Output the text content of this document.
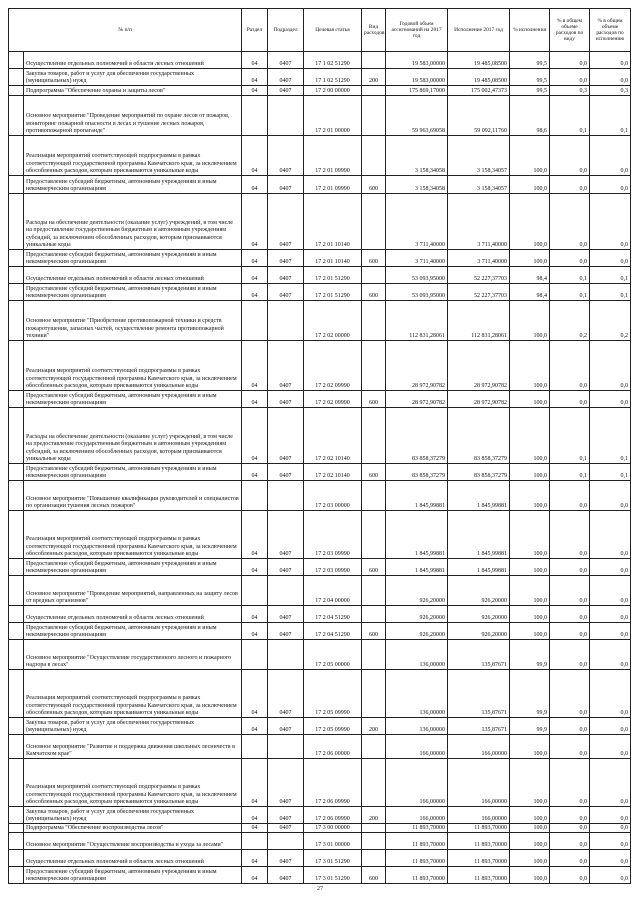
№ п/п		Раздел	Подраздел	Целевая статья	Вид расходов	Годовой объем ассигнований на 2017 год	Исполнение 2017 год	% исполнения	% в общем объеме расходов по виду	% в общем объеме расходов по исполнению
	Осуществление отдельных полномочий в области лесных отношений	04	0407	17 1 02 51290		19 583,00000	19 485,08500	99,5	0,0	0,0
	Закупка товаров, работ и услуг для обеспечения государственных (муниципальных) нужд	04	0407	17 1 02 51290	200	19 583,00000	19 485,08500	99,5	0,0	0,0
	Подпрограмма "Обеспечение охраны и защиты лесов"	04	0407	17 2 00 00000		175 869,17000	175 002,47373	99,5	0,3	0,3
	Основное мероприятие "Проведение мероприятий по охране лесов от пожаров, мониторинг пожарной опасности в лесах и тушение лесных пожаров, противопожарной пропаганде"			17 2 01 00000		59 963,69058	59 092,11760	98,6	0,1	0,1
	Реализация мероприятий соответствующей подпрограммы в рамках соответствующей государственной программы Камчатского края, за исключением обособленных расходов, которым присваиваются уникальные коды	04	0407	17 2 01 09990		3 158,34058	3 158,34057	100,0	0,0	0,0
	Предоставление субсидий бюджетным, автономным учреждениям и иным некоммерческим организациям	04	0407	17 2 01 09990	600	3 158,34058	3 158,34057	100,0	0,0	0,0
	Расходы на обеспечение деятельности (оказание услуг) учреждений, в том числе на предоставление государственным бюджетным и автономным учреждениям субсидий, за исключением обособленных расходов, которым присваиваются уникальные коды	04	0407	17 2 01 10140		3 711,40000	3 711,40000	100,0	0,0	0,0
	Предоставление субсидий бюджетным, автономным учреждениям и иным некоммерческим организациям	04	0407	17 2 01 10140	600	3 711,40000	3 711,40000	100,0	0,0	0,0
	Осуществление отдельных полномочий в области лесных отношений	04	0407	17 2 01 51290		53 093,95000	52 227,37703	98,4	0,1	0,1
	Предоставление субсидий бюджетным, автономным учреждениям и иным некоммерческим организациям	04	0407	17 2 01 51290	600	53 093,95000	52 227,37703	98,4	0,1	0,1
	Основное мероприятие "Приобретение противопожарной техники и средств пожаротушения, запасных частей, осуществление ремонта противопожарной техники"			17 2 02 00000		112 831,28061	112 831,28061	100,0	0,2	0,2
	Реализация мероприятий соответствующей подпрограммы в рамках соответствующей государственной программы Камчатского края, за исключением обособленных расходов, которым присваиваются уникальные коды	04	0407	17 2 02 09990		28 972,90782	28 972,90782	100,0	0,0	0,0
	Предоставление субсидий бюджетным, автономным учреждениям и иным некоммерческим организациям	04	0407	17 2 02 09990	600	28 972,90782	28 972,90782	100,0	0,0	0,0
	Расходы на обеспечение деятельности (оказание услуг) учреждений, в том числе на предоставление государственным бюджетным и автономным учреждениям субсидий, за исключением обособленных расходов, которым присваиваются уникальные коды	04	0407	17 2 02 10140		83 858,37279	83 858,37279	100,0	0,1	0,1
	Предоставление субсидий бюджетным, автономным учреждениям и иным некоммерческим организациям	04	0407	17 2 02 10140	600	83 858,37279	83 858,37279	100,0	0,1	0,1
	Основное мероприятие "Повышение квалификации руководителей и специалистов по организации тушения лесных пожаров"			17 2 03 00000		1 845,99881	1 845,99881	100,0	0,0	0,0
	Реализация мероприятий соответствующей подпрограммы в рамках соответствующей государственной программы Камчатского края, за исключением обособленных расходов, которым присваиваются уникальные коды	04	0407	17 2 03 09990		1 845,99881	1 845,99881	100,0	0,0	0,0
	Предоставление субсидий бюджетным, автономным учреждениям и иным некоммерческим организациям	04	0407	17 2 03 09990	600	1 845,99881	1 845,99881	100,0	0,0	0,0
	Основное мероприятие "Проведение мероприятий, направленных на защиту лесов от вредных организмов"			17 2 04 00000		926,20000	926,20000	100,0	0,0	0,0
	Осуществление отдельных полномочий в области лесных отношений	04	0407	17 2 04 51290		926,20000	926,20000	100,0	0,0	0,0
	Предоставление субсидий бюджетным, автономным учреждениям и иным некоммерческим организациям	04	0407	17 2 04 51290	600	926,20000	926,20000	100,0	0,0	0,0
	Основное мероприятие "Осуществление государственного лесного и пожарного надзора в лесах"			17 2 05 00000		136,00000	135,87671	99,9	0,0	0,0
	Реализация мероприятий соответствующей подпрограммы в рамках соответствующей государственной программы Камчатского края, за исключением обособленных расходов, которым присваиваются уникальные коды	04	0407	17 2 05 09990		136,00000	135,87671	99,9	0,0	0,0
	Закупка товаров, работ и услуг для обеспечения государственных (муниципальных) нужд	04	0407	17 2 05 09990	200	136,00000	135,87671	99,9	0,0	0,0
	Основное мероприятие "Развитие и поддержка движения школьных лесничеств в Камчатском крае"			17 2 06 00000		166,00000	166,00000	100,0	0,0	0,0
	Реализация мероприятий соответствующей подпрограммы в рамках соответствующей государственной программы Камчатского края, за исключением обособленных расходов, которым присваиваются уникальные коды	04	0407	17 2 06 09990		166,00000	166,00000	100,0	0,0	0,0
	Закупка товаров, работ и услуг для обеспечения государственных (муниципальных) нужд	04	0407	17 2 06 09990	200	166,00000	166,00000	100,0	0,0	0,0
	Подпрограмма "Обеспечение воспроизводства лесов"	04	0407	17 3 00 00000		11 893,70000	11 893,70000	100,0	0,0	0,0
	Основное мероприятие "Осуществление воспроизводства и ухода за лесами"			17 3 01 00000		11 893,70000	11 893,70000	100,0	0,0	0,0
	Осуществление отдельных полномочий в области лесных отношений	04	0407	17 3 01 51290		11 893,70000	11 893,70000	100,0	0,0	0,0
	Предоставление субсидий бюджетным, автономным учреждениям и иным некоммерческим организациям	04	0407	17 3 01 51290	600	11 893,70000	11 893,70000	100,0	0,0	0,0
27
